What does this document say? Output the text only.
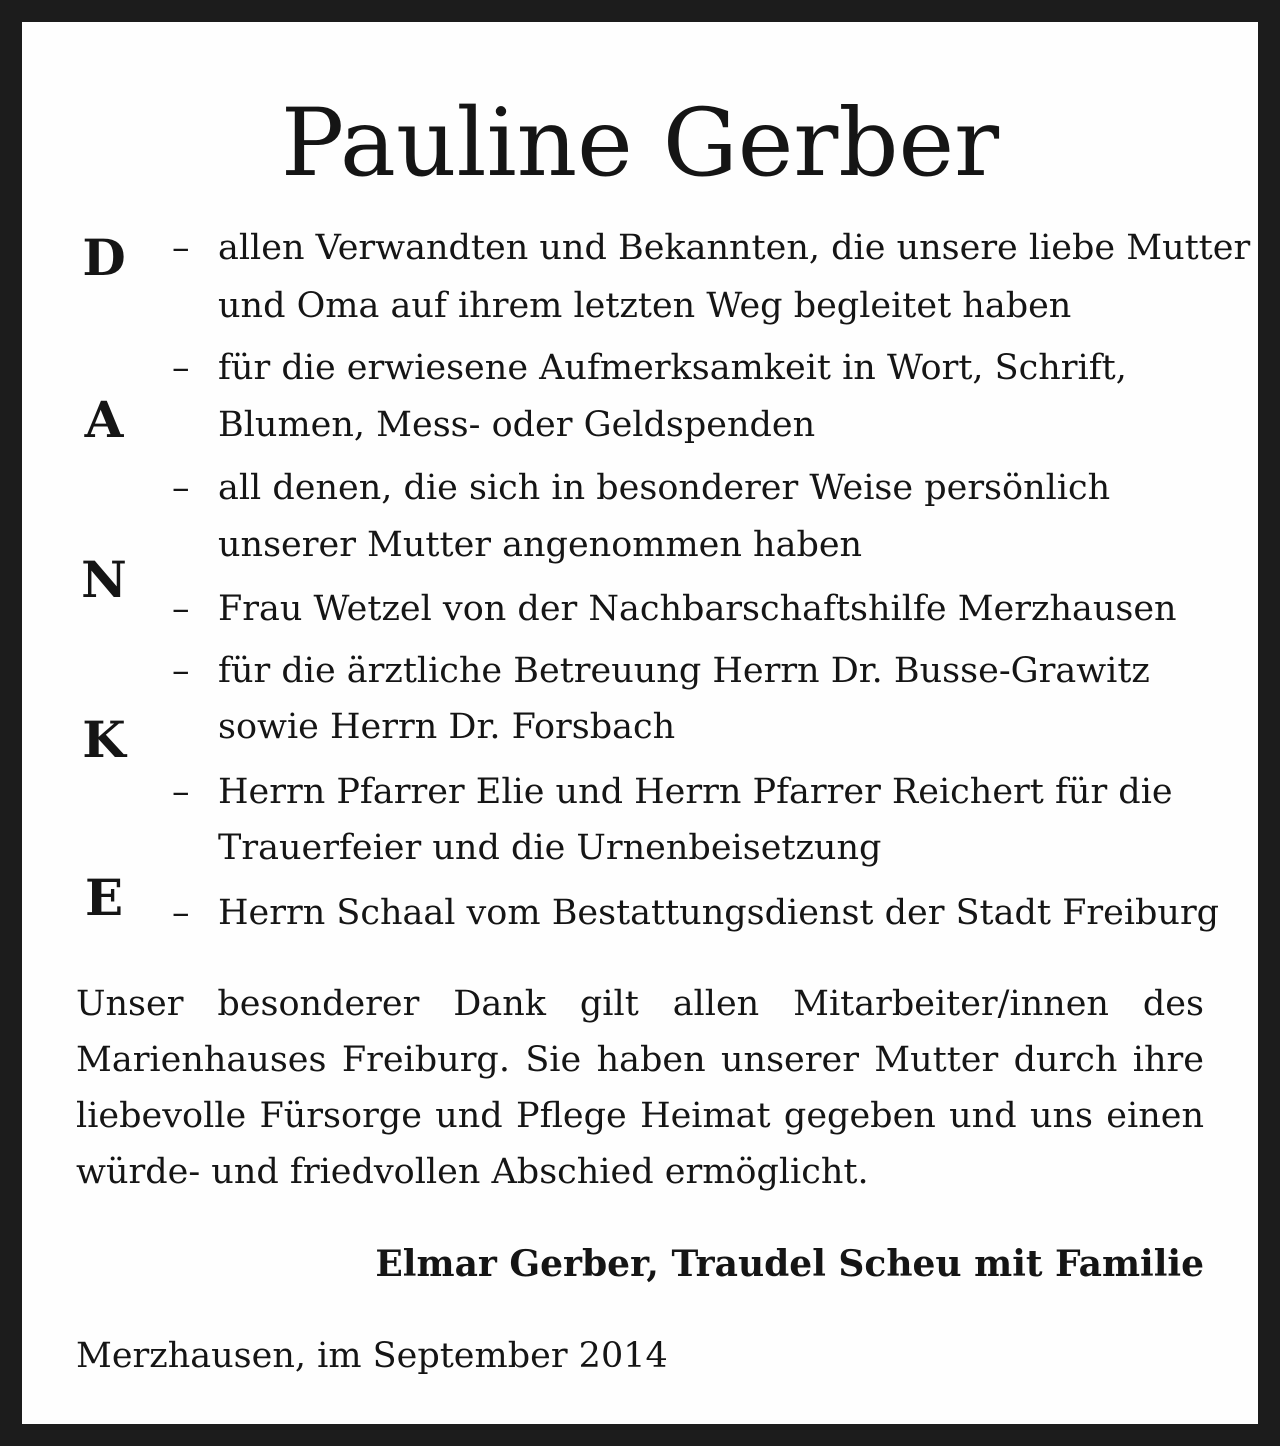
Pauline Gerber
D
A
N
K
E
– allen Verwandten und Bekannten, die unsere liebe Mutter
und Oma auf ihrem letzten Weg begleitet haben
– für die erwiesene Aufmerksamkeit in Wort, Schrift,
Blumen, Mess- oder Geldspenden
– all denen, die sich in besonderer Weise persönlich
unserer Mutter angenommen haben
– Frau Wetzel von der Nachbarschaftshilfe Merzhausen
– für die ärztliche Betreuung Herrn Dr. Busse-Grawitz
sowie Herrn Dr. Forsbach
– Herrn Pfarrer Elie und Herrn Pfarrer Reichert für die
Trauerfeier und die Urnenbeisetzung
– Herrn Schaal vom Bestattungsdienst der Stadt Freiburg
Unser besonderer Dank gilt allen Mitarbeiter/innen des
Marienhauses Freiburg. Sie haben unserer Mutter durch ihre
liebevolle Fürsorge und Pflege Heimat gegeben und uns einen
würde- und friedvollen Abschied ermöglicht.
Elmar Gerber, Traudel Scheu mit Familie
Merzhausen, im September 2014
